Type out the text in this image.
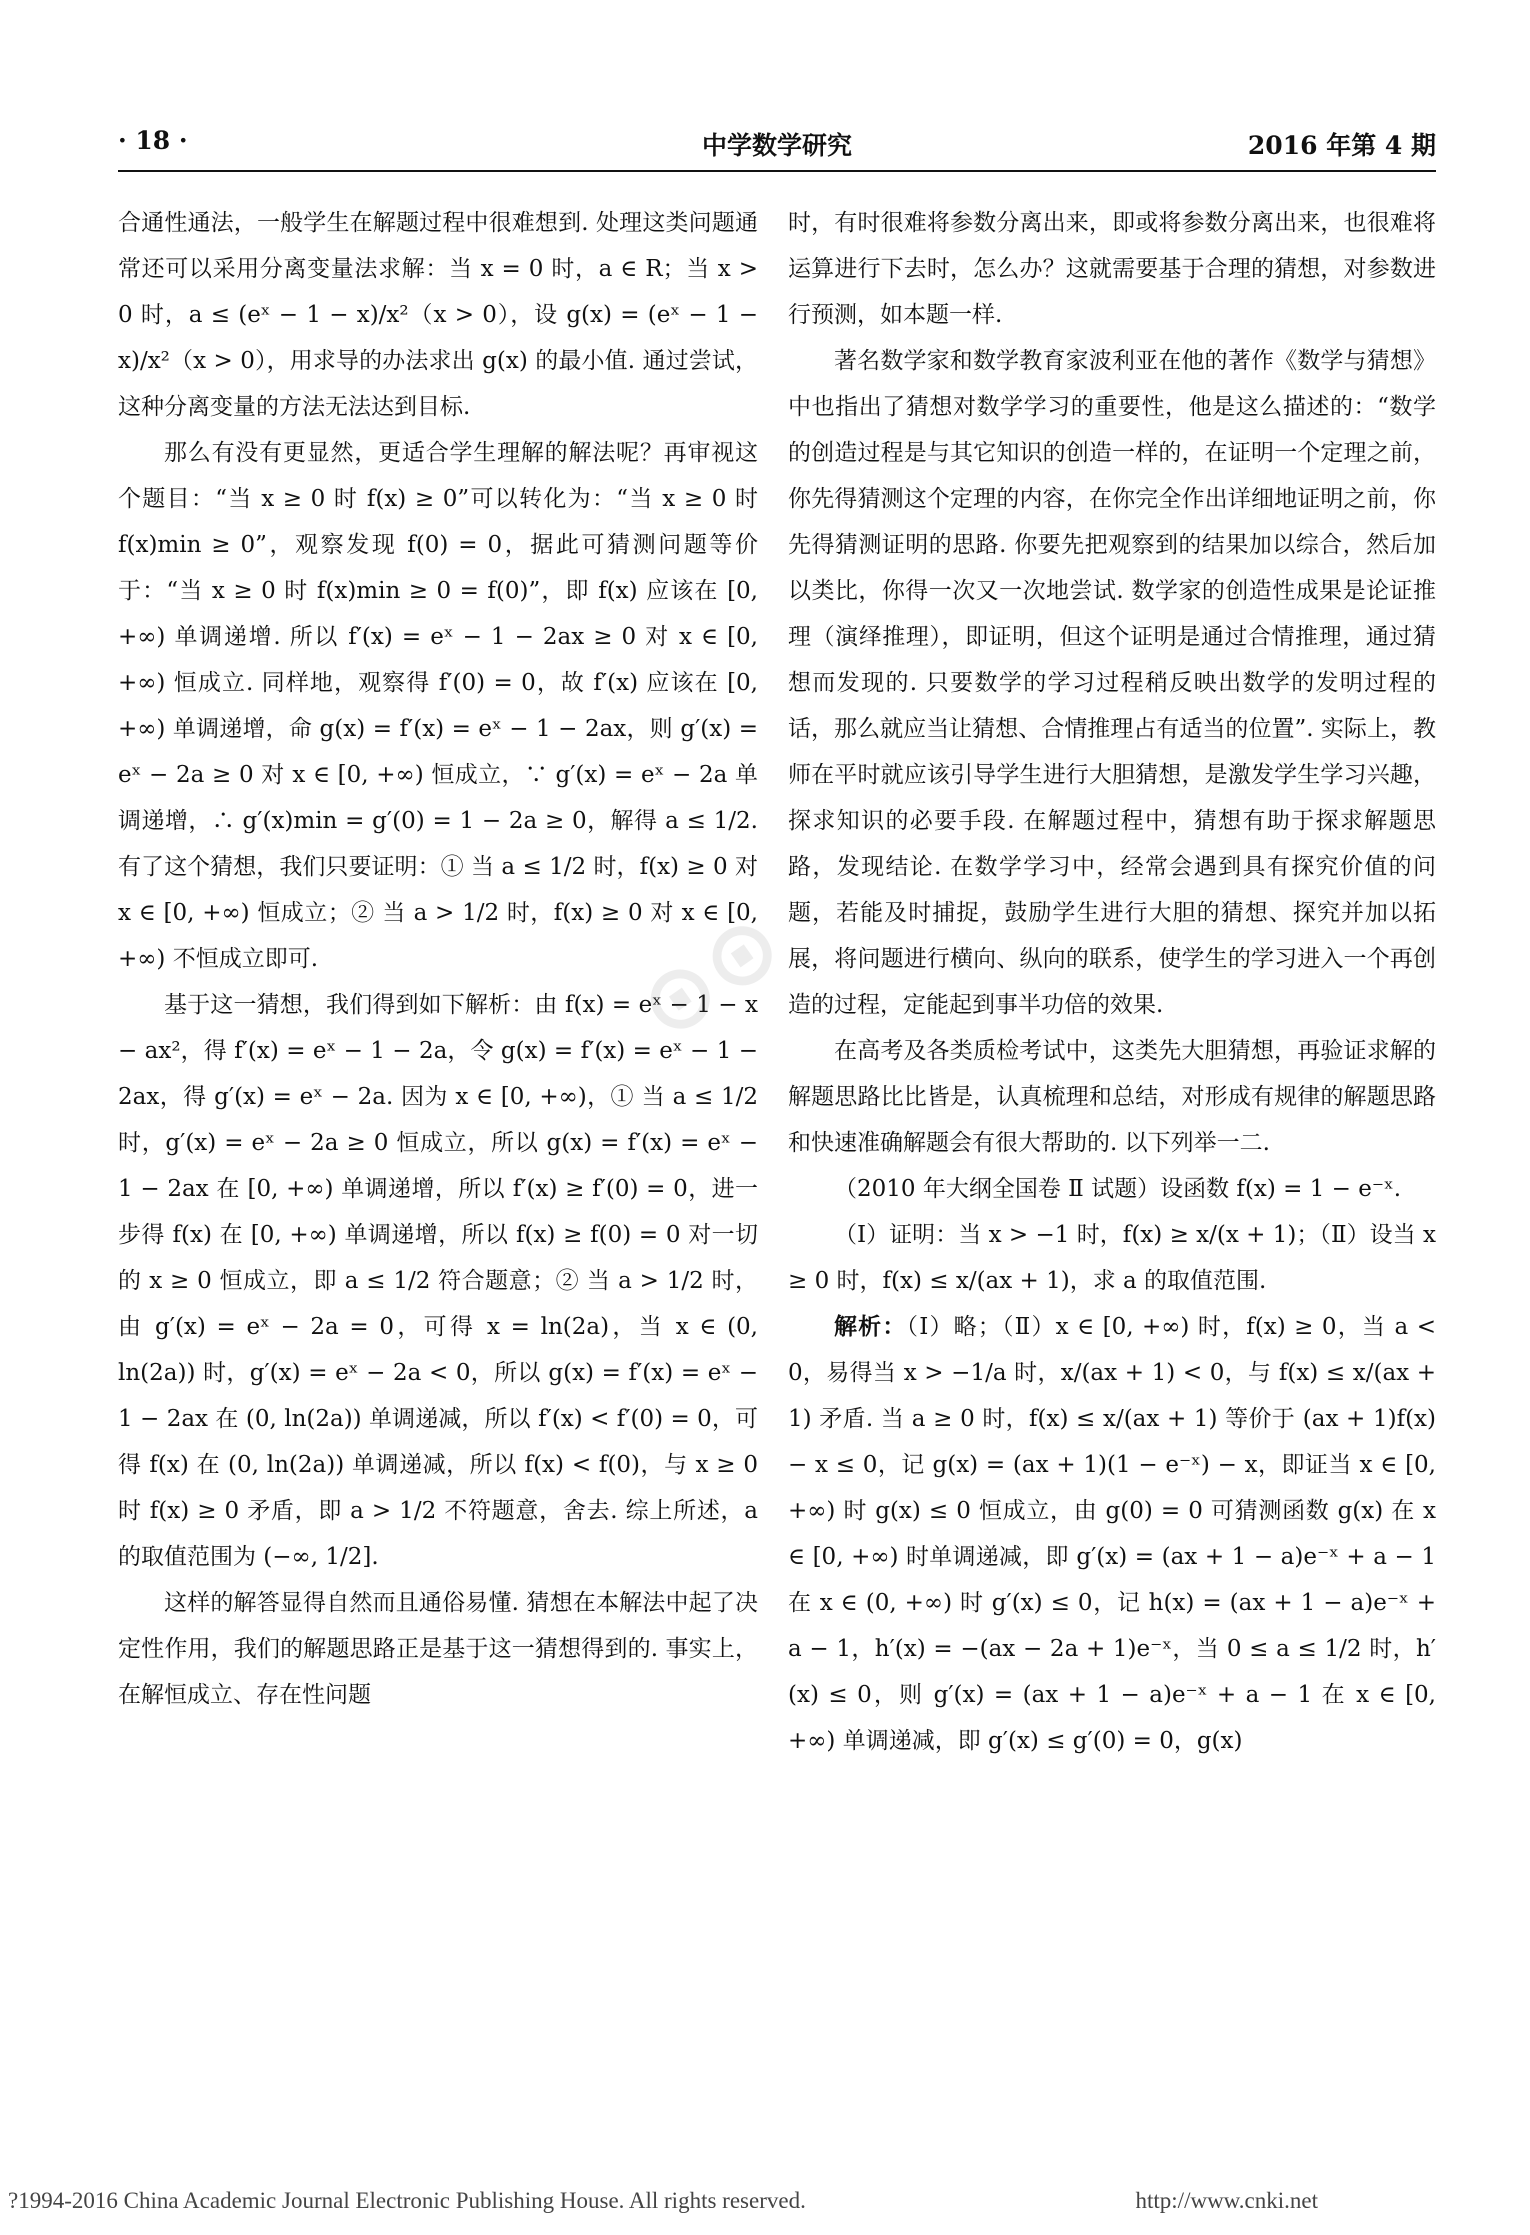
· 18 ·	中学数学研究	2016 年第 4 期

合通性通法，一般学生在解题过程中很难想到. 处理这类问题通常还可以采用分离变量法求解：当 x = 0 时，a ∈ R；当 x > 0 时，a ≤ (eˣ − 1 − x)/x²（x > 0），设 g(x) = (eˣ − 1 − x)/x²（x > 0），用求导的办法求出 g(x) 的最小值. 通过尝试，这种分离变量的方法无法达到目标.

那么有没有更显然，更适合学生理解的解法呢？再审视这个题目：“当 x ≥ 0 时 f(x) ≥ 0”可以转化为：“当 x ≥ 0 时 f(x)min ≥ 0”，观察发现 f(0) = 0，据此可猜测问题等价于：“当 x ≥ 0 时 f(x)min ≥ 0 = f(0)”，即 f(x) 应该在 [0, +∞) 单调递增. 所以 f′(x) = eˣ − 1 − 2ax ≥ 0 对 x ∈ [0, +∞) 恒成立. 同样地，观察得 f′(0) = 0，故 f′(x) 应该在 [0, +∞) 单调递增，命 g(x) = f′(x) = eˣ − 1 − 2ax，则 g′(x) = eˣ − 2a ≥ 0 对 x ∈ [0, +∞) 恒成立，∵ g′(x) = eˣ − 2a 单调递增，∴ g′(x)min = g′(0) = 1 − 2a ≥ 0，解得 a ≤ 1/2. 有了这个猜想，我们只要证明：① 当 a ≤ 1/2 时，f(x) ≥ 0 对 x ∈ [0, +∞) 恒成立；② 当 a > 1/2 时，f(x) ≥ 0 对 x ∈ [0, +∞) 不恒成立即可.

基于这一猜想，我们得到如下解析：由 f(x) = eˣ − 1 − x − ax²，得 f′(x) = eˣ − 1 − 2a，令 g(x) = f′(x) = eˣ − 1 − 2ax，得 g′(x) = eˣ − 2a. 因为 x ∈ [0, +∞)，① 当 a ≤ 1/2 时，g′(x) = eˣ − 2a ≥ 0 恒成立，所以 g(x) = f′(x) = eˣ − 1 − 2ax 在 [0, +∞) 单调递增，所以 f′(x) ≥ f′(0) = 0，进一步得 f(x) 在 [0, +∞) 单调递增，所以 f(x) ≥ f(0) = 0 对一切的 x ≥ 0 恒成立，即 a ≤ 1/2 符合题意；② 当 a > 1/2 时，由 g′(x) = eˣ − 2a = 0，可得 x = ln(2a)，当 x ∈ (0, ln(2a)) 时，g′(x) = eˣ − 2a < 0，所以 g(x) = f′(x) = eˣ − 1 − 2ax 在 (0, ln(2a)) 单调递减，所以 f′(x) < f′(0) = 0，可得 f(x) 在 (0, ln(2a)) 单调递减，所以 f(x) < f(0)，与 x ≥ 0 时 f(x) ≥ 0 矛盾，即 a > 1/2 不符题意，舍去. 综上所述，a 的取值范围为 (−∞, 1/2].

这样的解答显得自然而且通俗易懂. 猜想在本解法中起了决定性作用，我们的解题思路正是基于这一猜想得到的. 事实上，在解恒成立、存在性问题

时，有时很难将参数分离出来，即或将参数分离出来，也很难将运算进行下去时，怎么办？这就需要基于合理的猜想，对参数进行预测，如本题一样.

著名数学家和数学教育家波利亚在他的著作《数学与猜想》中也指出了猜想对数学学习的重要性，他是这么描述的：“数学的创造过程是与其它知识的创造一样的，在证明一个定理之前，你先得猜测这个定理的内容，在你完全作出详细地证明之前，你先得猜测证明的思路. 你要先把观察到的结果加以综合，然后加以类比，你得一次又一次地尝试. 数学家的创造性成果是论证推理（演绎推理），即证明，但这个证明是通过合情推理，通过猜想而发现的. 只要数学的学习过程稍反映出数学的发明过程的话，那么就应当让猜想、合情推理占有适当的位置”. 实际上，教师在平时就应该引导学生进行大胆猜想，是激发学生学习兴趣，探求知识的必要手段. 在解题过程中，猜想有助于探求解题思路，发现结论. 在数学学习中，经常会遇到具有探究价值的问题，若能及时捕捉，鼓励学生进行大胆的猜想、探究并加以拓展，将问题进行横向、纵向的联系，使学生的学习进入一个再创造的过程，定能起到事半功倍的效果.

在高考及各类质检考试中，这类先大胆猜想，再验证求解的解题思路比比皆是，认真梳理和总结，对形成有规律的解题思路和快速准确解题会有很大帮助的. 以下列举一二.

（2010 年大纲全国卷 Ⅱ 试题）设函数 f(x) = 1 − e⁻ˣ.

（Ⅰ）证明：当 x > −1 时，f(x) ≥ x/(x + 1)；（Ⅱ）设当 x ≥ 0 时，f(x) ≤ x/(ax + 1)，求 a 的取值范围.

解析：（Ⅰ）略；（Ⅱ）x ∈ [0, +∞) 时，f(x) ≥ 0，当 a < 0，易得当 x > −1/a 时，x/(ax + 1) < 0，与 f(x) ≤ x/(ax + 1) 矛盾. 当 a ≥ 0 时，f(x) ≤ x/(ax + 1) 等价于 (ax + 1)f(x) − x ≤ 0，记 g(x) = (ax + 1)(1 − e⁻ˣ) − x，即证当 x ∈ [0, +∞) 时 g(x) ≤ 0 恒成立，由 g(0) = 0 可猜测函数 g(x) 在 x ∈ [0, +∞) 时单调递减，即 g′(x) = (ax + 1 − a)e⁻ˣ + a − 1 在 x ∈ (0, +∞) 时 g′(x) ≤ 0，记 h(x) = (ax + 1 − a)e⁻ˣ + a − 1，h′(x) = −(ax − 2a + 1)e⁻ˣ，当 0 ≤ a ≤ 1/2 时，h′(x) ≤ 0，则 g′(x) = (ax + 1 − a)e⁻ˣ + a − 1 在 x ∈ [0, +∞) 单调递减，即 g′(x) ≤ g′(0) = 0，g(x)

⊙⊙
?1994-2016 China Academic Journal Electronic Publishing House. All rights reserved.	http://www.cnki.net
